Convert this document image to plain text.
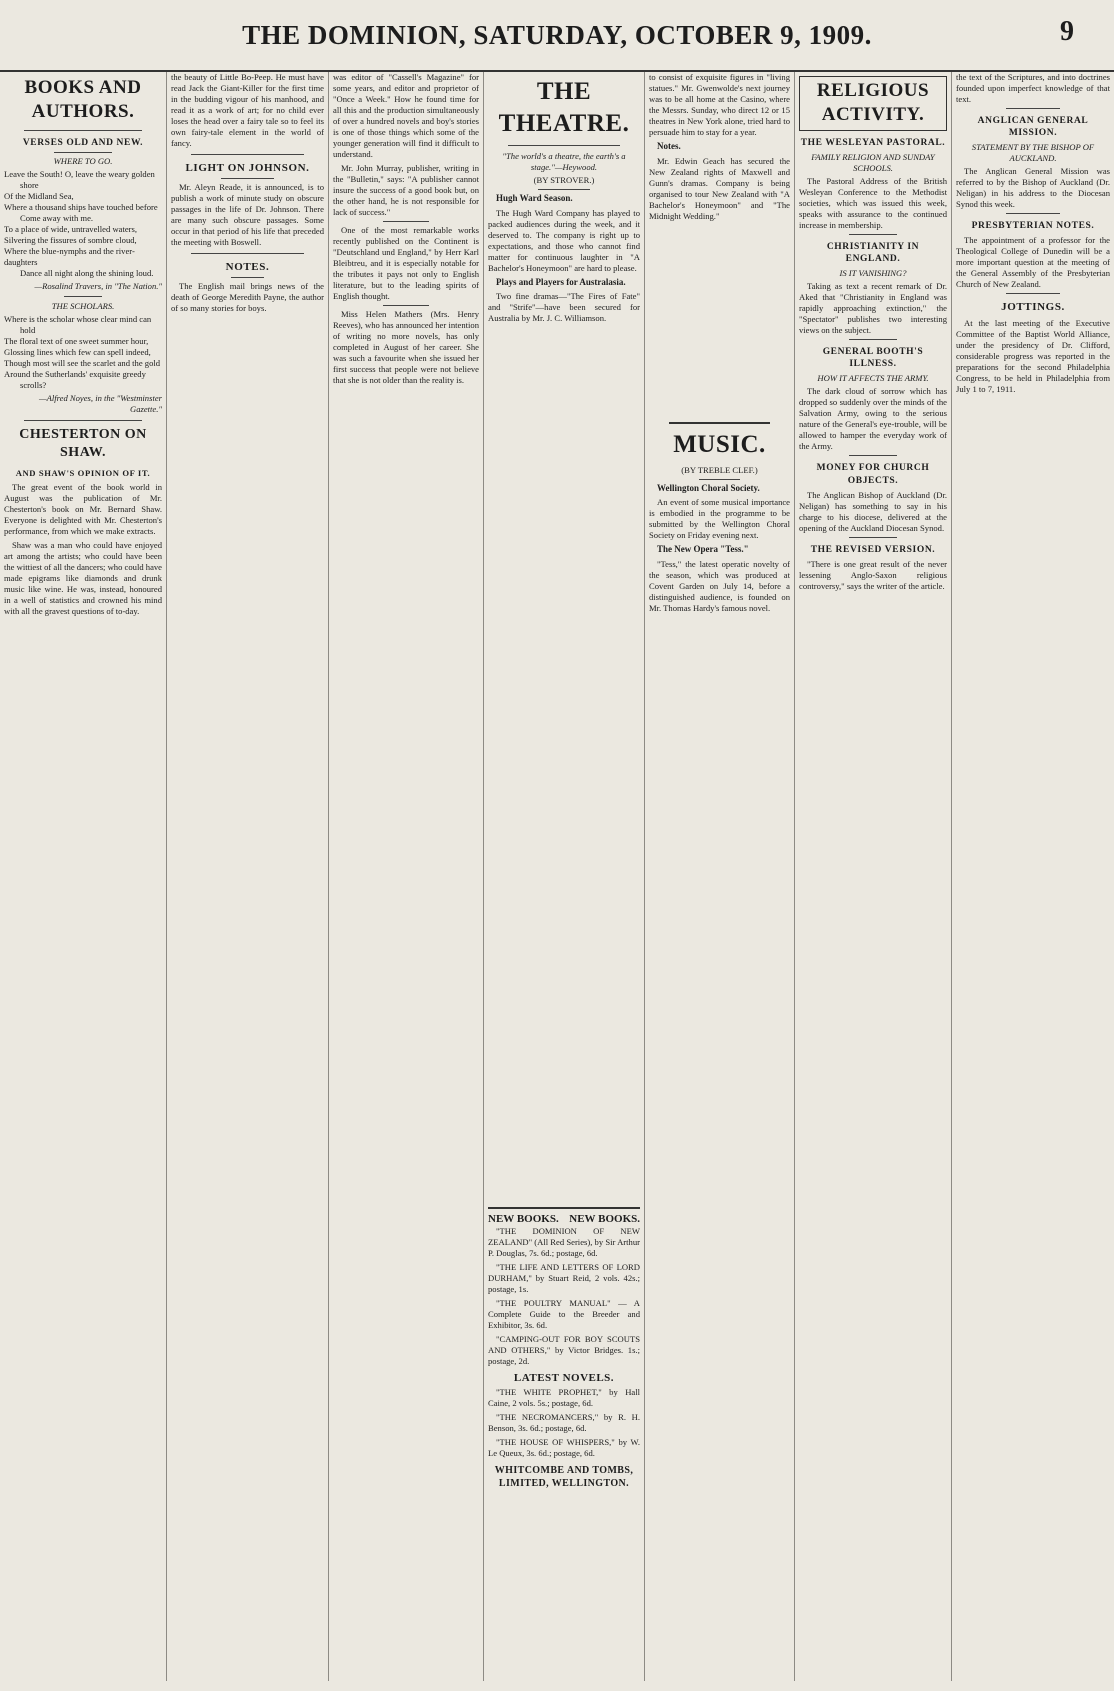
THE DOMINION, SATURDAY, OCTOBER 9, 1909.	9
BOOKS AND AUTHORS.
VERSES OLD AND NEW.
WHERE TO GO.
Leave the South! O, leave the weary golden
shore
Of the Midland Sea,
Where a thousand ships have touched before
Come away with me.
To a place of wide, untravelled waters,
Silvering the fissures of sombre cloud,
Where the blue-nymphs and the river-daughters
Dance all night along the shining loud.
—Rosalind Travers, in "The Nation."
THE SCHOLARS.
Where is the scholar whose clear mind can
hold
The floral text of one sweet summer hour,
Glossing lines which few can spell indeed,
Though most will see the scarlet and the gold
Around the Sutherlands' exquisite greedy
scrolls?
—Alfred Noyes, in the "Westminster
Gazette."
CHESTERTON ON SHAW.
AND SHAW'S OPINION OF IT.

The great event of the book world in August was the publication of Mr. Chesterton's book on Mr. Bernard Shaw. Everyone is delighted with Mr. Chesterton's performance, from which we make extracts.

Shaw was a man who could have enjoyed art among the artists; who could have been the wittiest of all the dancers; who could have made epigrams like diamonds and drunk music like wine. He was, instead, honoured in a well of statistics and crowned his mind with all the gravest questions of to-day.

the beauty of Little Bo-Peep. He must have read Jack the Giant-Killer for the first time in the budding vigour of his manhood, and read it as a work of art; for no child ever loses the head over a fairy tale so to feel its own fairy-tale element in the world of fancy.

LIGHT ON JOHNSON.

Mr. Aleyn Reade, it is announced, is to publish a work of minute study on obscure passages in the life of Dr. Johnson. There are many such obscure passages. Some occur in that period of his life that preceded the meeting with Boswell.

NOTES.

The English mail brings news of the death of George Meredith Payne, the author of so many stories for boys.

was editor of "Cassell's Magazine" for some years, and editor and proprietor of "Once a Week." How he found time for all this and the production simultaneously of over a hundred novels and boy's stories is one of those things which some of the younger generation will find it difficult to understand.

Mr. John Murray, publisher, writing in the "Bulletin," says: "A publisher cannot insure the success of a good book but, on the other hand, he is not responsible for lack of success."

One of the most remarkable works recently published on the Continent is "Deutschland und England," by Herr Karl Bleibtreu, and it is especially notable for the tributes it pays not only to English literature, but to the leading spirits of English thought.

Miss Helen Mathers (Mrs. Henry Reeves), who has announced her intention of writing no more novels, has only completed in August of her career. She was such a favourite when she issued her first success that people were not believe that she is not older than the reality is.

THE THEATRE.
"The world's a theatre, the earth's a stage."—Heywood.
(BY STROVER.)

Hugh Ward Season.

The Hugh Ward Company has played to packed audiences during the week, and it deserved to. The company is right up to expectations, and those who cannot find matter for continuous laughter in "A Bachelor's Honeymoon" are hard to please.

Plays and Players for Australasia.

Two fine dramas—"The Fires of Fate" and "Strife"—have been secured for Australia by Mr. J. C. Williamson.

NEW BOOKS. NEW BOOKS.

"THE DOMINION OF NEW ZEALAND" (All Red Series), by Sir Arthur P. Douglas, 7s. 6d.; postage, 6d.

"THE LIFE AND LETTERS OF LORD DURHAM," by Stuart Reid, 2 vols. 42s.; postage, 1s.

"THE POULTRY MANUAL" — A Complete Guide to the Breeder and Exhibitor, 3s. 6d.

"CAMPING-OUT FOR BOY SCOUTS AND OTHERS," by Victor Bridges. 1s.; postage, 2d.

LATEST NOVELS.

"THE WHITE PROPHET," by Hall Caine, 2 vols. 5s.; postage, 6d.

"THE NECROMANCERS," by R. H. Benson, 3s. 6d.; postage, 6d.

"THE HOUSE OF WHISPERS," by W. Le Queux, 3s. 6d.; postage, 6d.

WHITCOMBE AND TOMBS, LIMITED, WELLINGTON.

to consist of exquisite figures in "living statues." Mr. Gwenwolde's next journey was to be all home at the Casino, where the Messrs. Sunday, who direct 12 or 15 theatres in New York alone, tried hard to persuade him to stay for a year.

Notes.

Mr. Edwin Geach has secured the New Zealand rights of Maxwell and Gunn's dramas. Company is being organised to tour New Zealand with "A Bachelor's Honeymoon" and "The Midnight Wedding."

MUSIC.
(BY TREBLE CLEF.)

Wellington Choral Society.

An event of some musical importance is embodied in the programme to be submitted by the Wellington Choral Society on Friday evening next.

The New Opera "Tess."

"Tess," the latest operatic novelty of the season, which was produced at Covent Garden on July 14, before a distinguished audience, is founded on Mr. Thomas Hardy's famous novel.

RELIGIOUS ACTIVITY.
THE WESLEYAN PASTORAL.
FAMILY RELIGION AND SUNDAY SCHOOLS.

The Pastoral Address of the British Wesleyan Conference to the Methodist societies, which was issued this week, speaks with assurance to the continued increase in membership.

CHRISTIANITY IN ENGLAND.
IS IT VANISHING?

Taking as text a recent remark of Dr. Aked that "Christianity in England was rapidly approaching extinction," the "Spectator" publishes two interesting views on the subject.

GENERAL BOOTH'S ILLNESS.
HOW IT AFFECTS THE ARMY.

The dark cloud of sorrow which has dropped so suddenly over the minds of the Salvation Army, owing to the serious nature of the General's eye-trouble, will be allowed to hamper the everyday work of the Army.

MONEY FOR CHURCH OBJECTS.

The Anglican Bishop of Auckland (Dr. Neligan) has something to say in his charge to his diocese, delivered at the opening of the Auckland Diocesan Synod.

THE REVISED VERSION.

"There is one great result of the never lessening Anglo-Saxon religious controversy," says the writer of the article.

the text of the Scriptures, and into doctrines founded upon imperfect knowledge of that text.

ANGLICAN GENERAL MISSION.
STATEMENT BY THE BISHOP OF AUCKLAND.

The Anglican General Mission was referred to by the Bishop of Auckland (Dr. Neligan) in his address to the Diocesan Synod this week.

PRESBYTERIAN NOTES.

The appointment of a professor for the Theological College of Dunedin will be a more important question at the meeting of the General Assembly of the Presbyterian Church of New Zealand.

JOTTINGS.

At the last meeting of the Executive Committee of the Baptist World Alliance, under the presidency of Dr. Clifford, considerable progress was reported in the preparations for the second Philadelphia Congress, to be held in Philadelphia from July 1 to 7, 1911.
